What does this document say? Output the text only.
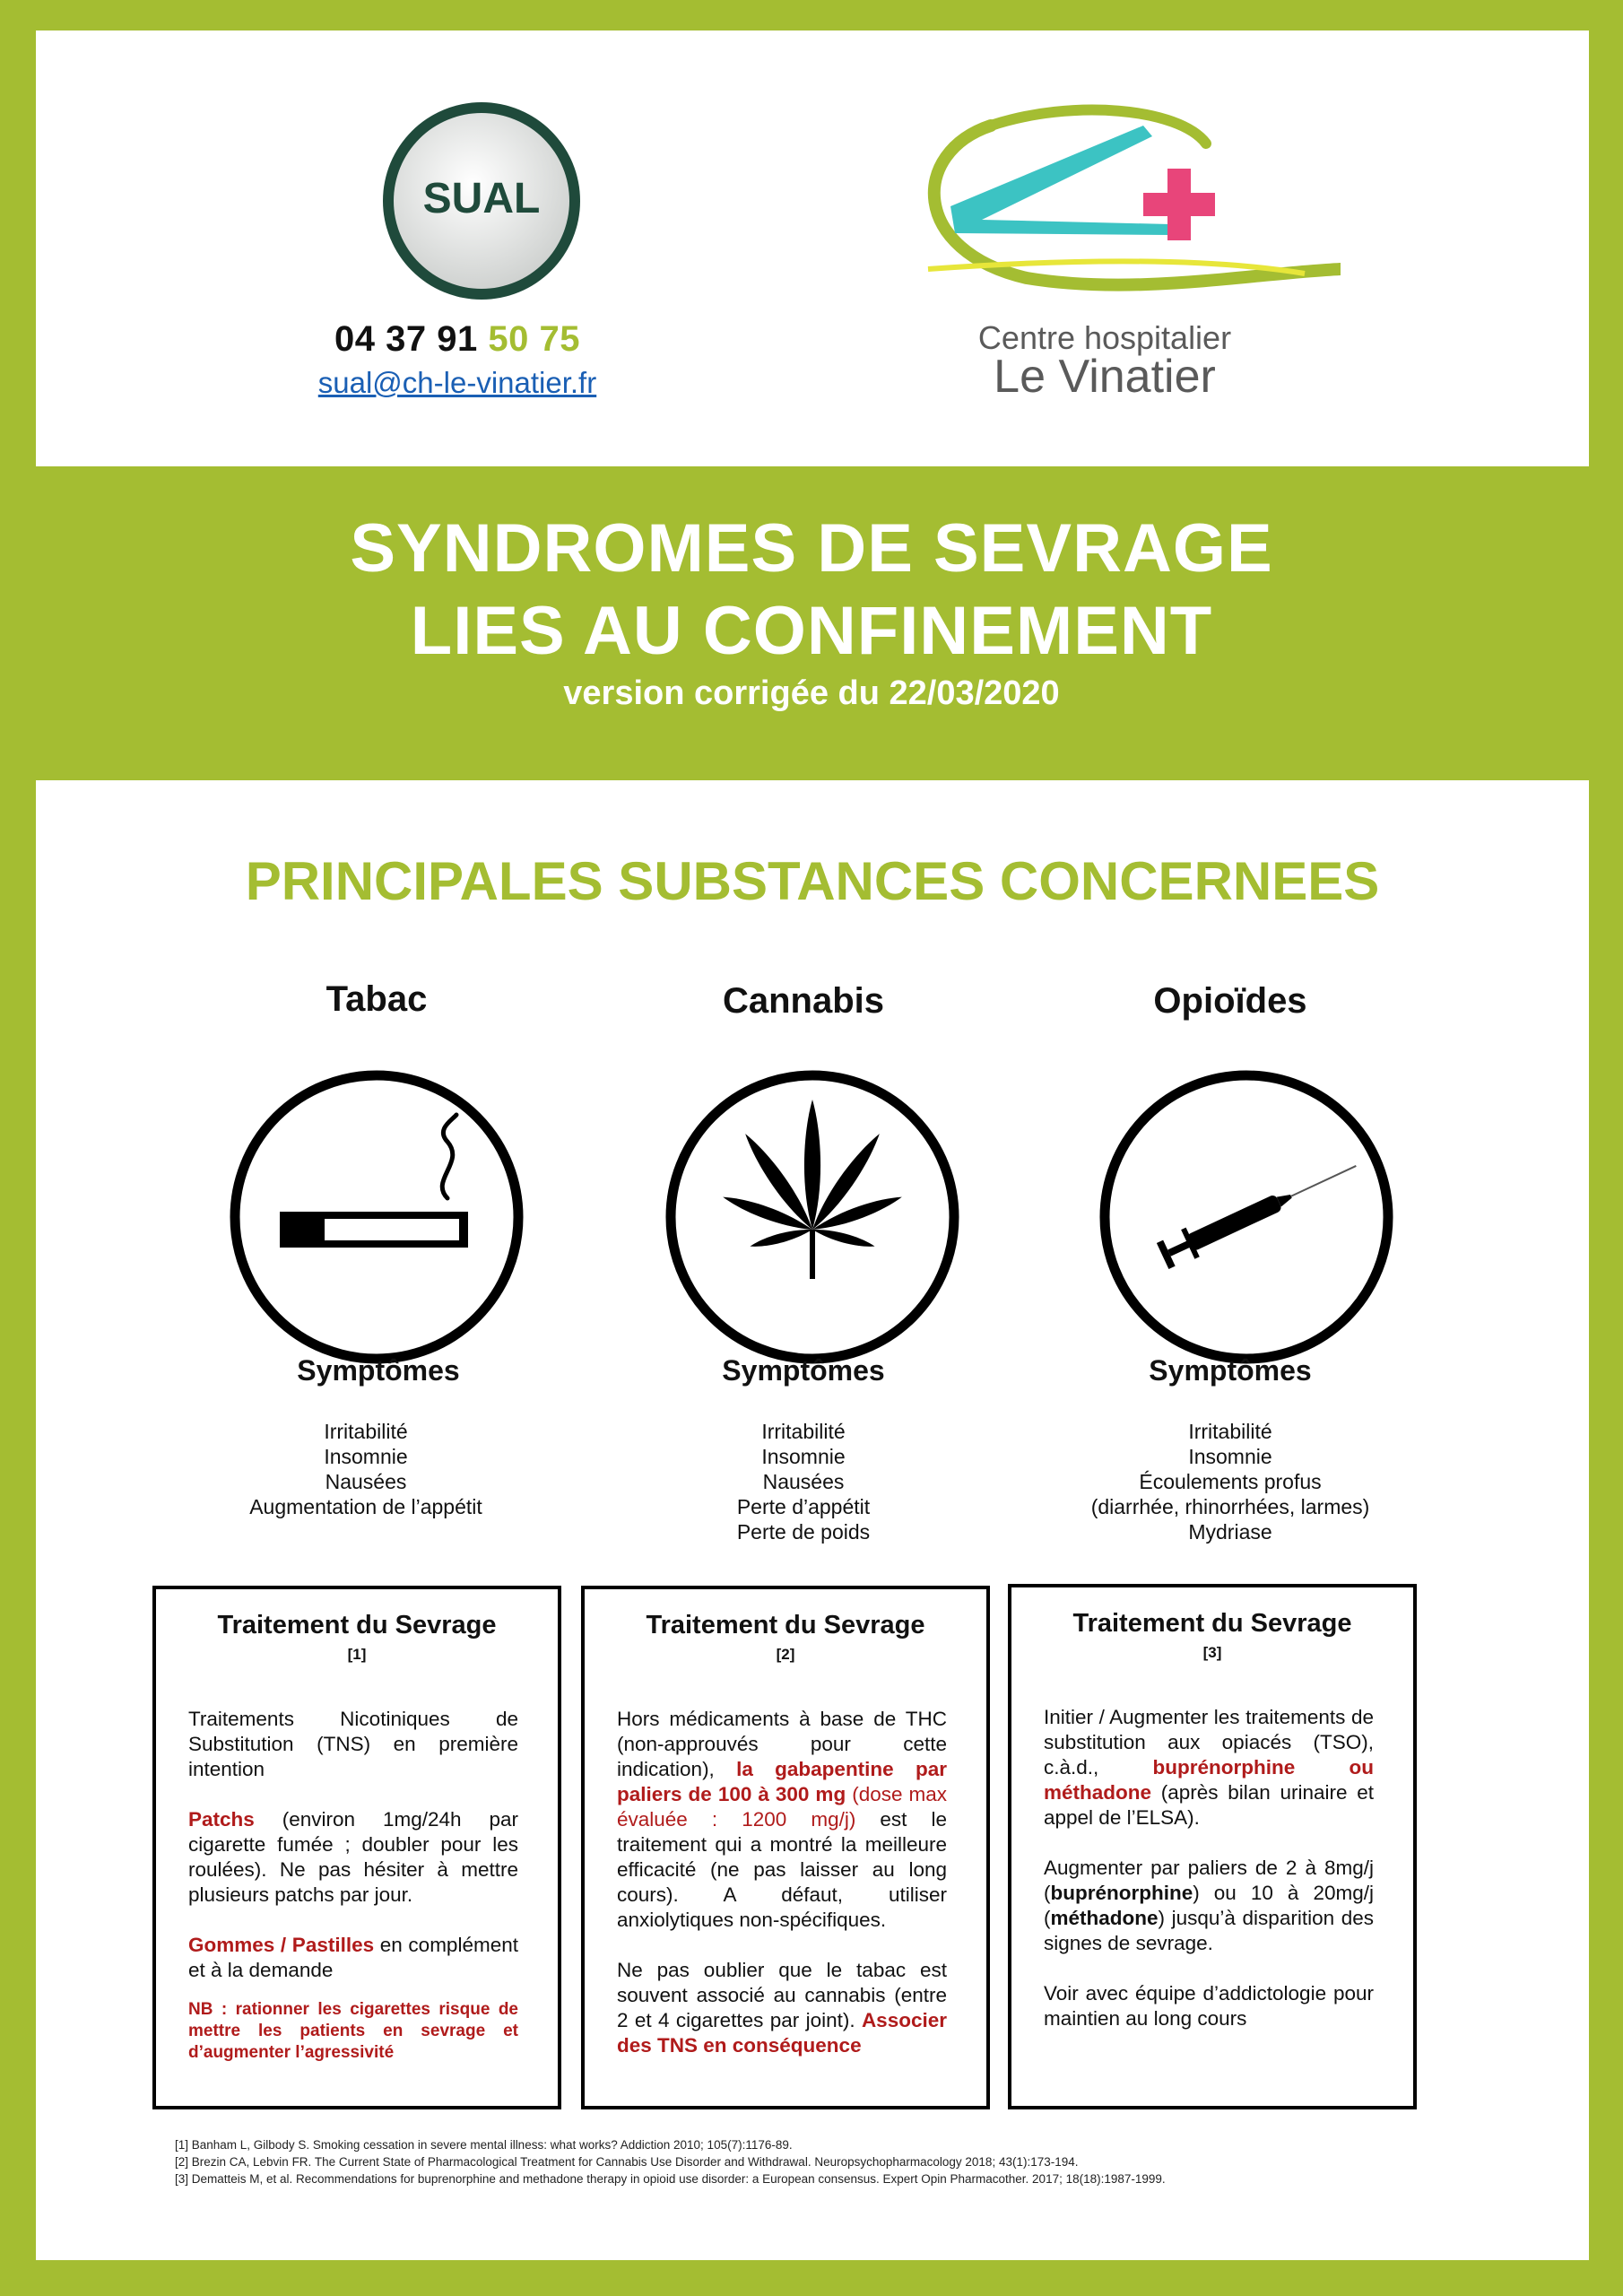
SUAL
04 37 91 50 75
sual@ch-le-vinatier.fr
Centre hospitalier
Le Vinatier
SYNDROMES DE SEVRAGE
LIES AU CONFINEMENT
version corrigée du 22/03/2020
PRINCIPALES SUBSTANCES CONCERNEES
Tabac	Cannabis	Opioïdes
Symptômes	Symptômes	Symptômes
Irritabilité
Insomnie
Nausées
Augmentation de l’appétit
Irritabilité
Insomnie
Nausées
Perte d’appétit
Perte de poids
Irritabilité
Insomnie
Écoulements profus
(diarrhée, rhinorrhées, larmes)
Mydriase
Traitement du Sevrage
[1]

Traitements Nicotiniques de Substitution (TNS) en première intention

Patchs (environ 1mg/24h par cigarette fumée ; doubler pour les roulées). Ne pas hésiter à mettre plusieurs patchs par jour.

Gommes / Pastilles en complément et à la demande

NB : rationner les cigarettes risque de mettre les patients en sevrage et d’augmenter l’agressivité

Traitement du Sevrage
[2]

Hors médicaments à base de THC (non-approuvés pour cette indication), la gabapentine par paliers de 100 à 300 mg (dose max évaluée : 1200 mg/j) est le traitement qui a montré la meilleure efficacité (ne pas laisser au long cours). A défaut, utiliser anxiolytiques non-spécifiques.

Ne pas oublier que le tabac est souvent associé au cannabis (entre 2 et 4 cigarettes par joint). Associer des TNS en conséquence

Traitement du Sevrage
[3]

Initier / Augmenter les traitements de substitution aux opiacés (TSO), c.à.d., buprénorphine ou méthadone (après bilan urinaire et appel de l’ELSA).

Augmenter par paliers de 2 à 8mg/j (buprénorphine) ou 10 à 20mg/j (méthadone) jusqu’à disparition des signes de sevrage.

Voir avec équipe d’addictologie pour maintien au long cours

[1] Banham L, Gilbody S. Smoking cessation in severe mental illness: what works? Addiction 2010; 105(7):1176-89.
[2] Brezin CA, Lebvin FR. The Current State of Pharmacological Treatment for Cannabis Use Disorder and Withdrawal. Neuropsychopharmacology 2018; 43(1):173-194.
[3] Dematteis M, et al. Recommendations for buprenorphine and methadone therapy in opioid use disorder: a European consensus. Expert Opin Pharmacother. 2017; 18(18):1987-1999.
